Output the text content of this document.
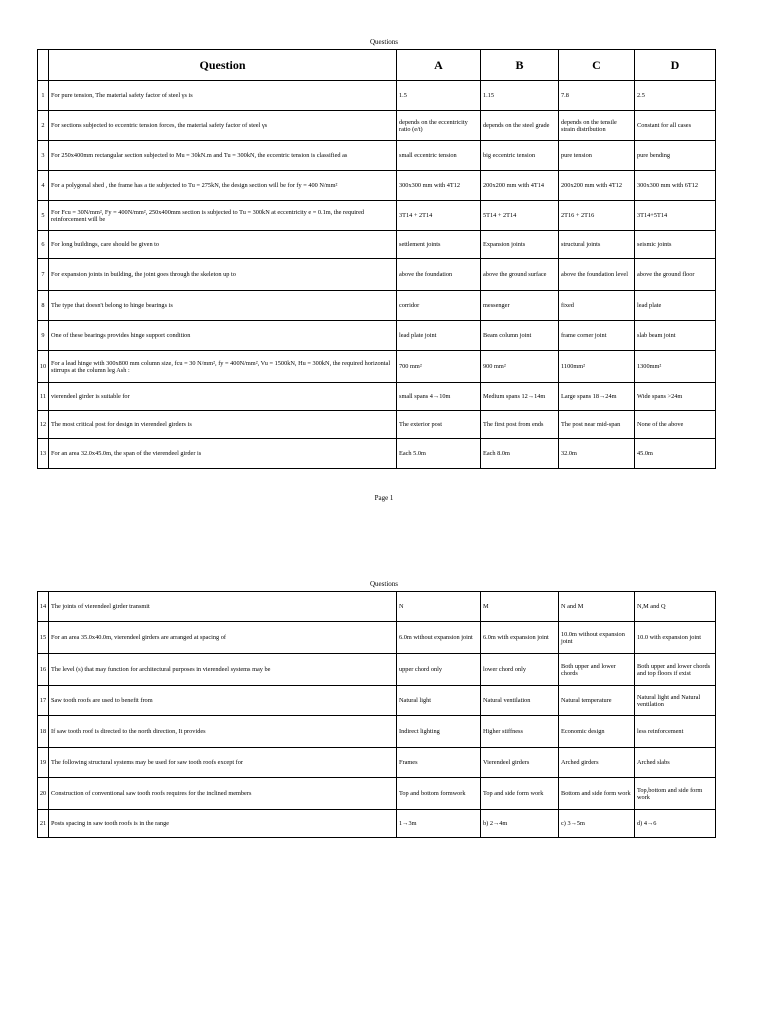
Questions
	Question	A	B	C	D
1	For pure tension, The material safety factor of steel γs is	1.5	1.15	7.8	2.5
2	For sections subjected to eccentric tension forces, the material safety factor of steel γs	depends on the eccentricity ratio (e/t)	depends on the steel grade	depends on the tensile strain distribution	Constant for all cases
3	For 250x400mm rectangular section subjected to Mu = 30kN.m and Tu = 300kN, the eccentric tension is classified as	small eccentric tension	big eccentric tension	pure tension	pure bending
4	For a polygonal shed , the frame has a tie subjected to Tu = 275kN, the design section will be for fy = 400 N/mm²	300x300 mm with 4T12	200x200 mm with 4T14	200x200 mm with 4T12	300x300 mm with 6T12
5	For Fcu = 30N/mm², Fy = 400N/mm², 250x400mm section is subjected to Tu = 300kN at eccentricity e = 0.1m, the required reinforcement will be	3T14 + 2T14	5T14 + 2T14	2T16 + 2T16	3T14+5T14
6	For long buildings, care should be given to	settlement joints	Expansion joints	structural joints	seismic joints
7	For expansion joints in building, the joint goes through the skeleton up to	above the foundation	above the ground surface	above the foundation level	above the ground floor
8	The type that doesn't belong to hinge bearings is	corridor	messenger	fixed	lead plate
9	One of these bearings provides hinge support condition	lead plate joint	Beam column joint	frame corner joint	slab beam joint
10	For a lead hinge with 300x800 mm column size, fcu = 30 N/mm², fy = 400N/mm², Vu = 1500kN, Hu = 300kN, the required horizontal stirrups at the column leg Ash :	700 mm²	900 mm²	1100mm²	1300mm²
11	vierendeel girder is suitable for	small spans 4→10m	Medium spans 12→14m	Large spans 18→24m	Wide spans >24m
12	The most critical post for design in vierendeel girders is	The exterior post	The first post from ends	The post near mid-span	None of the above
13	For an area 32.0x45.0m, the span of the vierendeel girder is	Each 5.0m	Each 8.0m	32.0m	45.0m
Page 1
Questions
14	The joints of vierendeel girder transmit	N	M	N and M	N,M and Q
15	For an area 35.0x40.0m, vierendeel girders are arranged at spacing of	6.0m without expansion joint	6.0m with expansion joint	10.0m without expansion joint	10.0 with expansion joint
16	The level (s) that may function for architectural purposes in vierendeel systems may be	upper chord only	lower chord only	Both upper and lower chords	Both upper and lower chords and top floors if exist
17	Saw tooth roofs are used to benefit from	Natural light	Natural ventilation	Natural temperature	Natural light and Natural ventilation
18	If saw tooth roof is directed to the north direction, It provides	Indirect lighting	Higher stiffness	Economic design	less reinforcement
19	The following structural systems may be used for saw tooth roofs except for	Frames	Vierendeel girders	Arched girders	Arched slabs
20	Construction of conventional saw tooth roofs requires for the inclined members	Top and bottom formwork	Top and side form work	Bottom and side form work	Top,bottom and side form work
21	Posts spacing in saw tooth roofs is in the range	1→3m	b) 2→4m	c) 3→5m	d) 4→6
